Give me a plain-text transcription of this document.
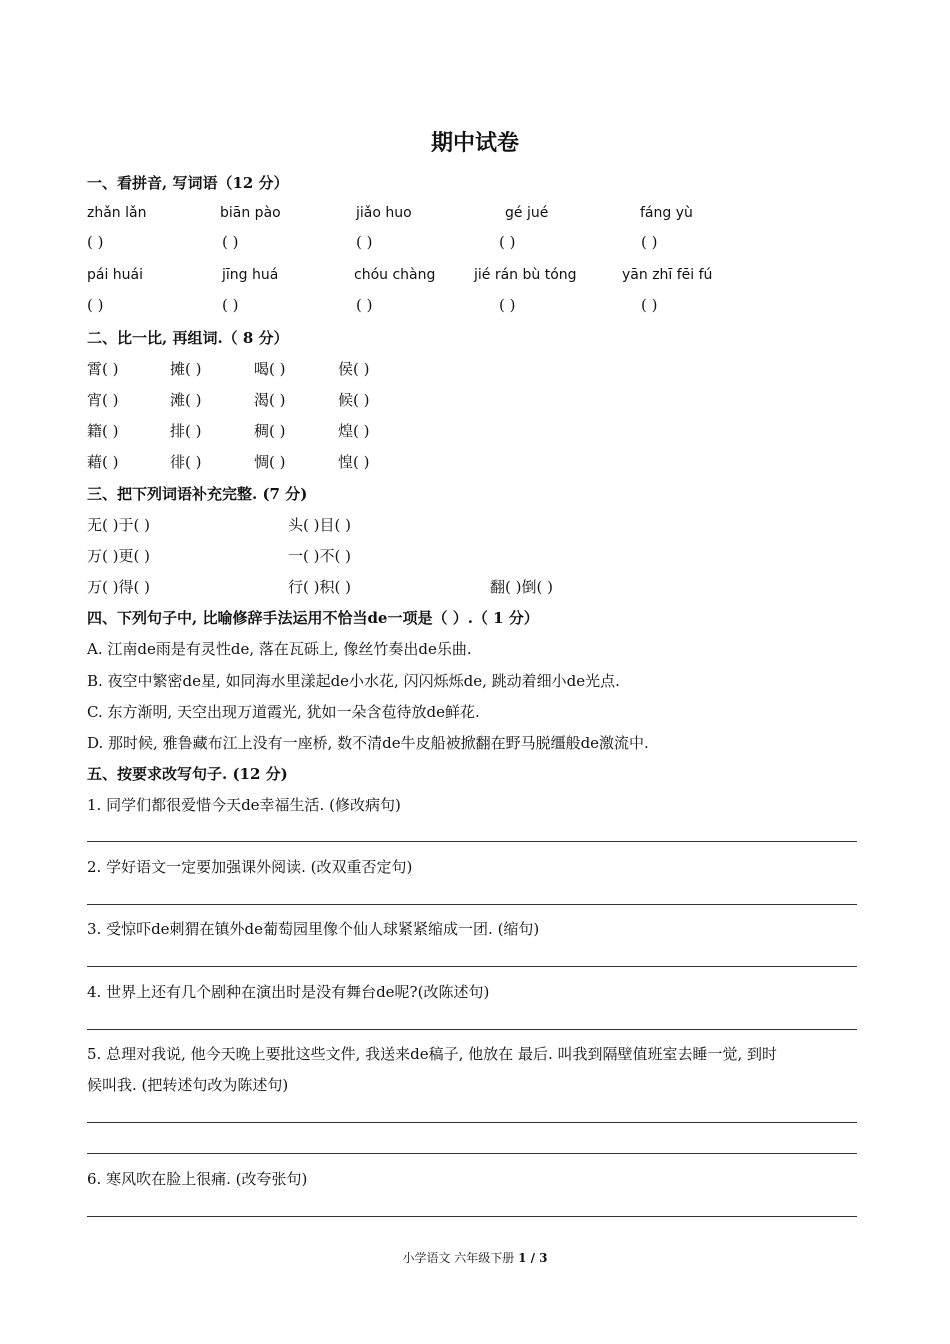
期中试卷
一、看拼音, 写词语（12 分）
zhǎn lǎn	biān pào	jiǎo huo	gé jué	fáng yù
( )	( )	( )	( )	( )
pái huái	jīng huá	chóu chàng	jié rán bù tóng	yān zhī fēi fú
( )	( )	( )	( )	( )
二、比一比, 再组词.（ 8 分）
霄( )	摊( )	喝( )	侯( )
宵( )	滩( )	渴( )	候( )
籍( )	排( )	稠( )	煌( )
藉( )	徘( )	惆( )	惶( )
三、把下列词语补充完整. (7 分)
无( )于( )	头( )目( )
万( )更( )	一( )不( )
万( )得( )	行( )积( )	翻( )倒( )
四、下列句子中, 比喻修辞手法运用不恰当de一项是（ ）.（ 1 分）
A. 江南de雨是有灵性de, 落在瓦砾上, 像丝竹奏出de乐曲.
B. 夜空中繁密de星, 如同海水里漾起de小水花, 闪闪烁烁de, 跳动着细小de光点.
C. 东方渐明, 天空出现万道霞光, 犹如一朵含苞待放de鲜花.
D. 那时候, 雅鲁藏布江上没有一座桥, 数不清de牛皮船被掀翻在野马脱缰般de激流中.
五、按要求改写句子. (12 分)
1. 同学们都很爱惜今天de幸福生活. (修改病句)
2. 学好语文一定要加强课外阅读. (改双重否定句)
3. 受惊吓de刺猬在镇外de葡萄园里像个仙人球紧紧缩成一团. (缩句)
4. 世界上还有几个剧种在演出时是没有舞台de呢?(改陈述句)
5. 总理对我说, 他今天晚上要批这些文件, 我送来de稿子, 他放在 最后. 叫我到隔壁值班室去睡一觉, 到时
候叫我. (把转述句改为陈述句)
6. 寒风吹在脸上很痛. (改夸张句)
小学语文 六年级下册 1 / 3
